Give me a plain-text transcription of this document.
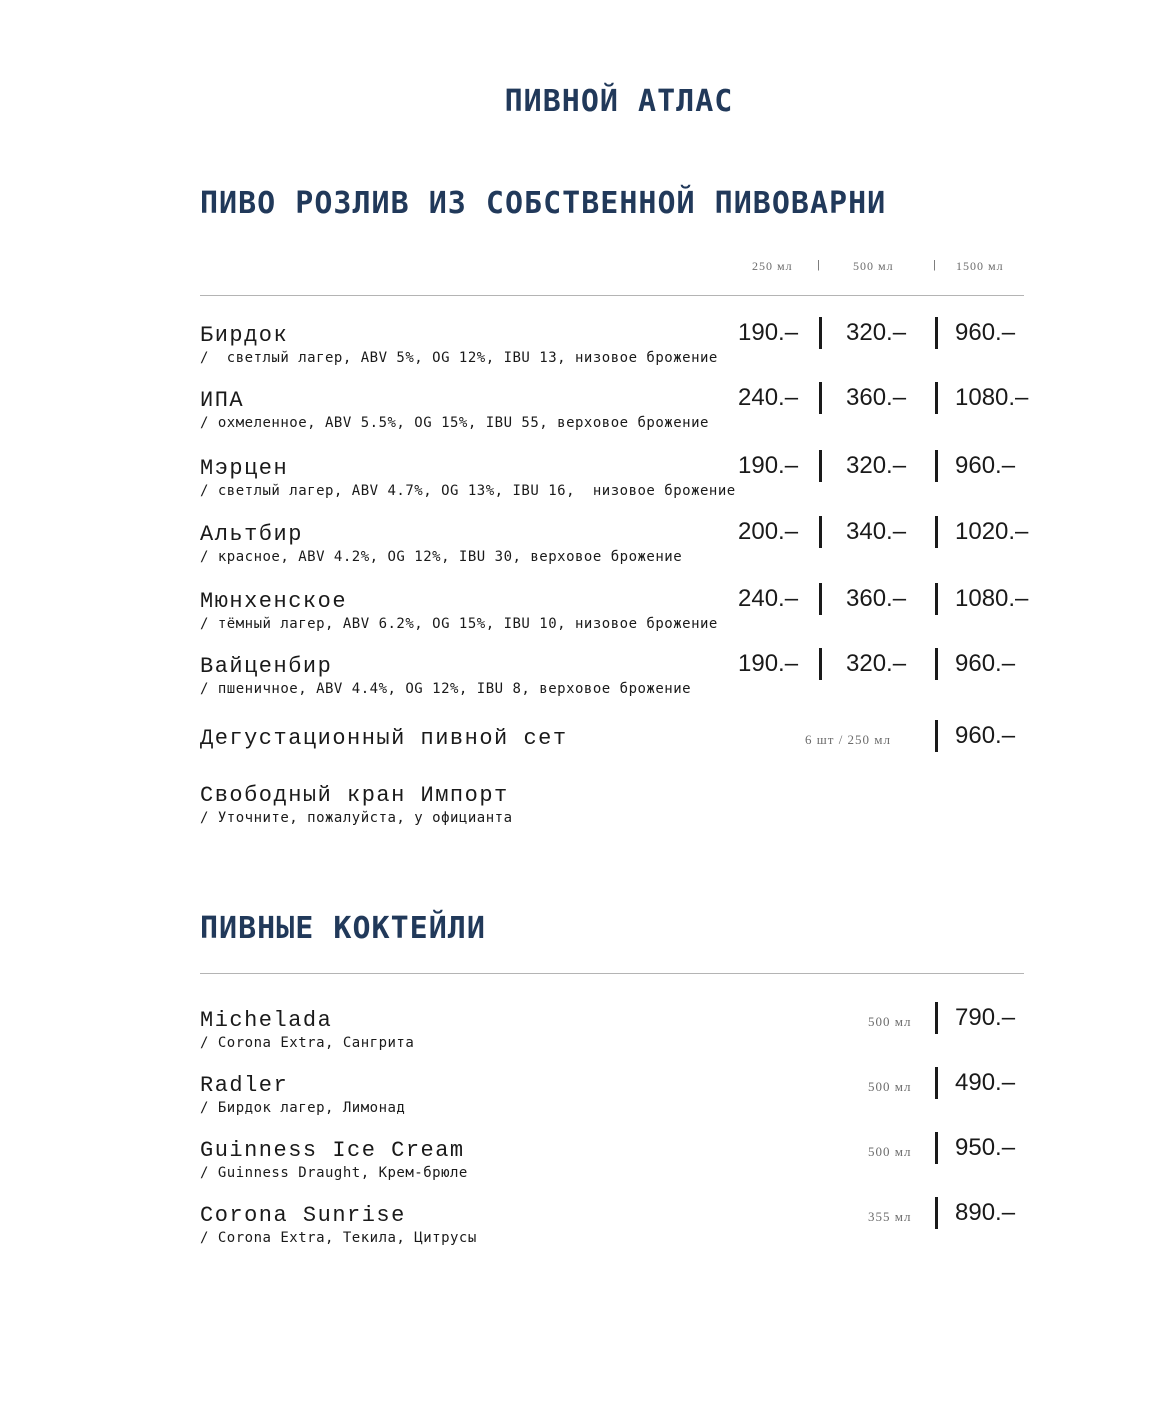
ПИВНОЙ АТЛАС
ПИВО РОЗЛИВ ИЗ СОБСТВЕННОЙ ПИВОВАРНИ
250 мл |	500 мл	| 1500 мл
Бирдок
/  светлый лагер, ABV 5%, OG 12%, IBU 13, низовое брожение
190.– 320.– 960.–
ИПА
/ охмеленное, ABV 5.5%, OG 15%, IBU 55, верховое брожение
240.– 360.– 1080.–
Мэрцен
/ светлый лагер, ABV 4.7%, OG 13%, IBU 16,  низовое брожение
190.– 320.– 960.–
Альтбир
/ красное, ABV 4.2%, OG 12%, IBU 30, верховое брожение
200.– 340.– 1020.–
Мюнхенское
/ тёмный лагер, ABV 6.2%, OG 15%, IBU 10, низовое брожение
240.– 360.– 1080.–
Вайценбир
/ пшеничное, ABV 4.4%, OG 12%, IBU 8, верховое брожение
190.– 320.– 960.–
Дегустационный пивной сет	6 шт / 250 мл	960.–
Свободный кран Импорт
/ Уточните, пожалуйста, у официанта
ПИВНЫЕ КОКТЕЙЛИ
Michelada
/ Corona Extra, Сангрита
500 мл 790.–
Radler
/ Бирдок лагер, Лимонад
500 мл 490.–
Guinness Ice Cream
/ Guinness Draught, Крем-брюле
500 мл 950.–
Corona Sunrise
/ Corona Extra, Текила, Цитрусы
355 мл 890.–
